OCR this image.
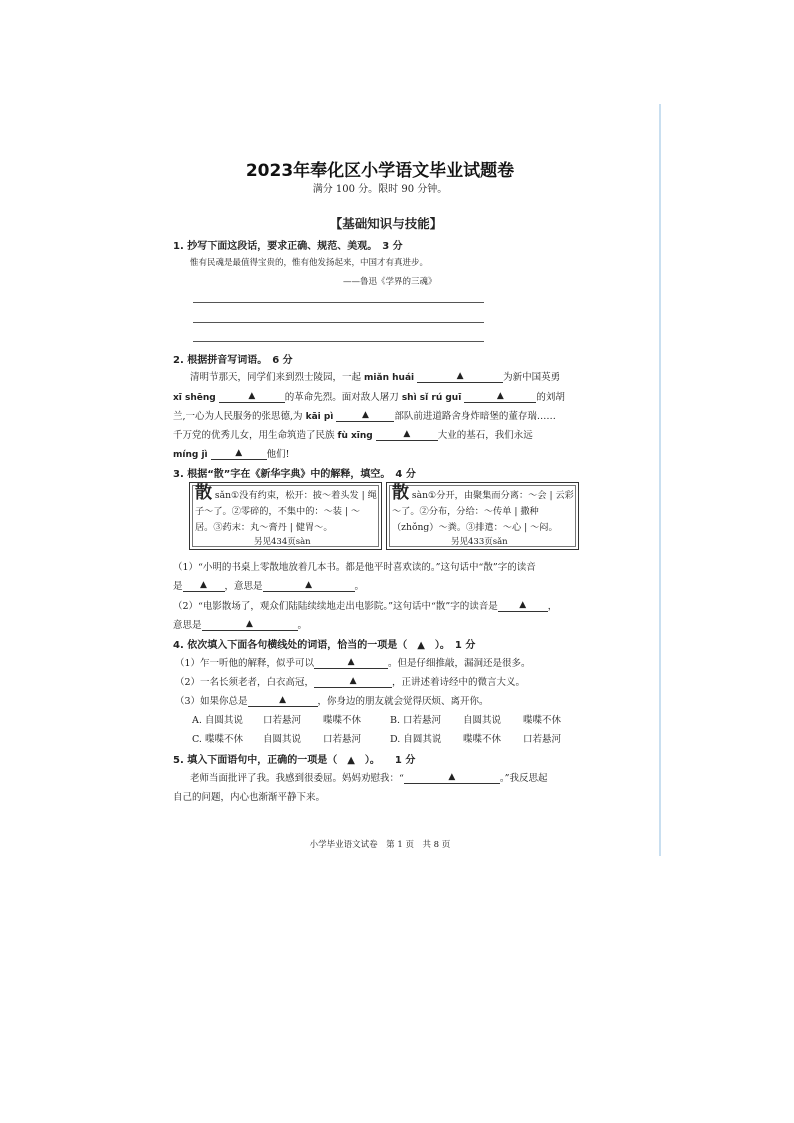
2023年奉化区小学语文毕业试题卷
满分 100 分。限时 90 分钟。
【基础知识与技能】
1. 抄写下面这段话，要求正确、规范、美观。　3 分
惟有民魂是最值得宝贵的，惟有他发扬起来，中国才有真进步。
——鲁迅《学界的三魂》
2. 根据拼音写词语。　6 分
清明节那天，同学们来到烈士陵园，一起 miǎn huái	▲	为新中国英勇
xī shēng	▲	的革命先烈。面对敌人屠刀 shì sǐ rú guī	▲	的刘胡
兰,一心为人民服务的张思德,为 kāi pì	▲	部队前进道路舍身炸暗堡的董存瑞……
千万党的优秀儿女，用生命筑造了民族 fù xīng	▲	大业的基石，我们永远
míng jì	▲	他们!
3. 根据“散”字在《新华字典》中的解释，填空。　4 分
散 sǎn①没有约束，松开：披～着头发 | 绳
子～了。②零碎的，不集中的：～装 | ～
居。③药末：丸～膏丹 | 健胃～。
另见434页sàn
散 sàn①分开，由聚集而分离：～会 | 云彩
～了。②分布，分给：～传单 | 撒种
（zhǒng）～粪。③排遣：～心 | ～闷。
另见433页sǎn
（1）“小明的书桌上零散地放着几本书。都是他平时喜欢读的。”这句话中“散”字的读音
是	▲	，意思是	▲	。
（2）“电影散场了，观众们陆陆续续地走出电影院。”这句话中“散”字的读音是	▲	，
意思是	▲	。
4. 依次填入下面各句横线处的词语，恰当的一项是（　▲　）。　1 分
（1）乍一听他的解释，似乎可以	▲	。但是仔细推敲，漏洞还是很多。
（2）一名长须老者，白衣高冠，	▲	，正讲述着诗经中的微言大义。
（3）如果你总是	▲	，你身边的朋友就会觉得厌烦、离开你。
A. 自圆其说 口若悬河 喋喋不休	B. 口若悬河 自圆其说 喋喋不休
C. 喋喋不休 自圆其说 口若悬河	D. 自圆其说 喋喋不休 口若悬河
5. 填入下面语句中，正确的一项是（　▲　）。　　1 分
老师当面批评了我。我感到很委屈。妈妈劝慰我：“	▲	。”我反思起
自己的问题，内心也渐渐平静下来。
小学毕业语文试卷　第 1 页　共 8 页
